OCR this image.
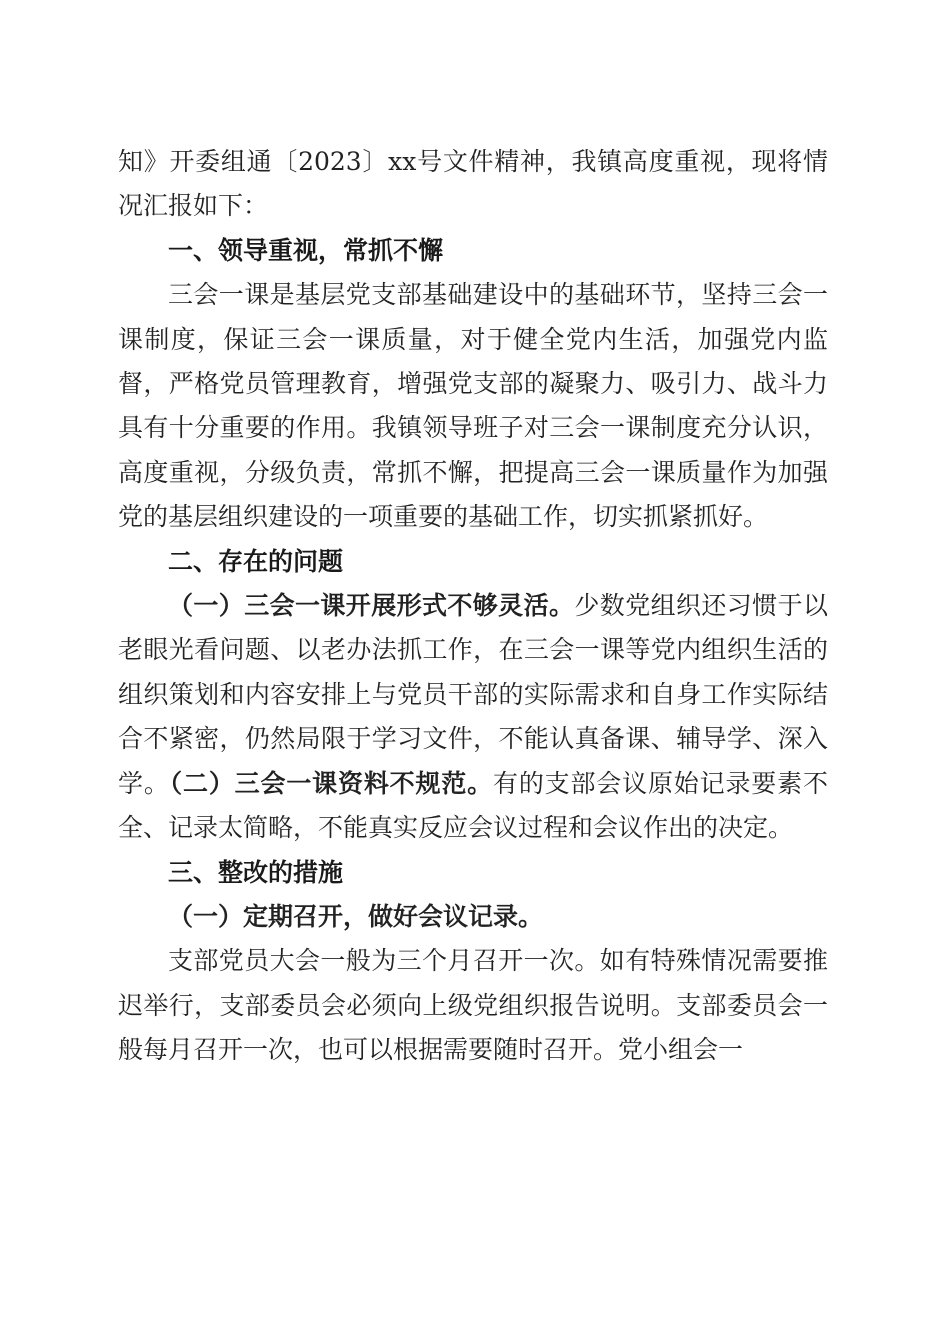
知》开委组通〔2023〕xx号文件精神，我镇高度重视，现将情况汇报如下：

一、领导重视，常抓不懈

三会一课是基层党支部基础建设中的基础环节，坚持三会一课制度，保证三会一课质量，对于健全党内生活，加强党内监督，严格党员管理教育，增强党支部的凝聚力、吸引力、战斗力具有十分重要的作用。我镇领导班子对三会一课制度充分认识，高度重视，分级负责，常抓不懈，把提高三会一课质量作为加强党的基层组织建设的一项重要的基础工作，切实抓紧抓好。

二、存在的问题

（一）三会一课开展形式不够灵活。少数党组织还习惯于以老眼光看问题、以老办法抓工作，在三会一课等党内组织生活的组织策划和内容安排上与党员干部的实际需求和自身工作实际结合不紧密，仍然局限于学习文件，不能认真备课、辅导学、深入学。（二）三会一课资料不规范。有的支部会议原始记录要素不全、记录太简略，不能真实反应会议过程和会议作出的决定。

三、整改的措施

（一）定期召开，做好会议记录。

支部党员大会一般为三个月召开一次。如有特殊情况需要推迟举行，支部委员会必须向上级党组织报告说明。支部委员会一般每月召开一次，也可以根据需要随时召开。党小组会一
